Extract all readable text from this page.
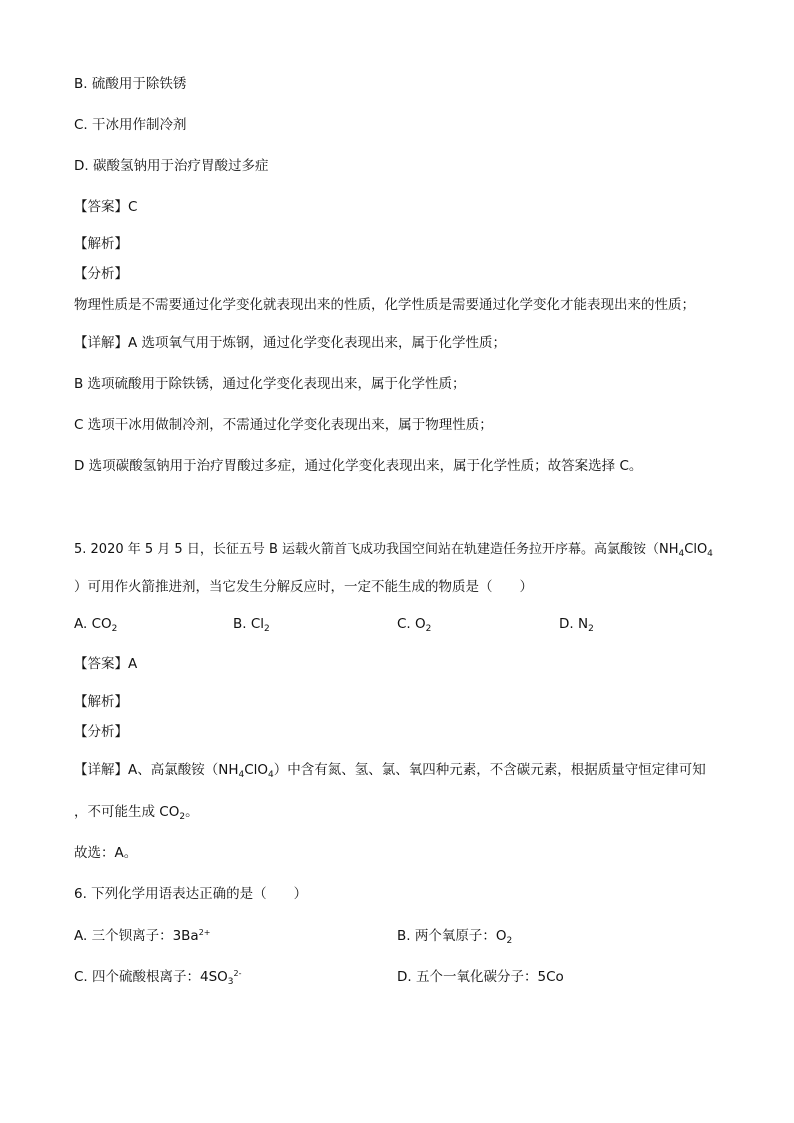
B. 硫酸用于除铁锈
C. 干冰用作制冷剂
D. 碳酸氢钠用于治疗胃酸过多症
【答案】C
【解析】
【分析】
物理性质是不需要通过化学变化就表现出来的性质，化学性质是需要通过化学变化才能表现出来的性质；
【详解】A 选项氧气用于炼钢，通过化学变化表现出来，属于化学性质；
B 选项硫酸用于除铁锈，通过化学变化表现出来，属于化学性质；
C 选项干冰用做制冷剂，不需通过化学变化表现出来，属于物理性质；
D 选项碳酸氢钠用于治疗胃酸过多症，通过化学变化表现出来，属于化学性质；故答案选择 C。
5. 2020 年 5 月 5 日，长征五号 B 运载火箭首飞成功我国空间站在轨建造任务拉开序幕。高氯酸铵（$NH_4ClO_4$
）可用作火箭推进剂，当它发生分解反应时，一定不能生成的物质是（　　）
A. $CO_2$	B. $Cl_2$	C. $O_2$	D. $N_2$
【答案】A
【解析】
【分析】
【详解】A、高氯酸铵$(NH_4ClO_4)$中含有氮、氢、氯、氧四种元素，不含碳元素，根据质量守恒定律可知
，不可能生成 $CO_2$。
故选：A。
6. 下列化学用语表达正确的是（　　）
A. 三个钡离子：$3Ba^{2+}$	B. 两个氧原子：$O_2$
C. 四个硫酸根离子：$4SO_3^{2-}$	D. 五个一氧化碳分子：5Co
